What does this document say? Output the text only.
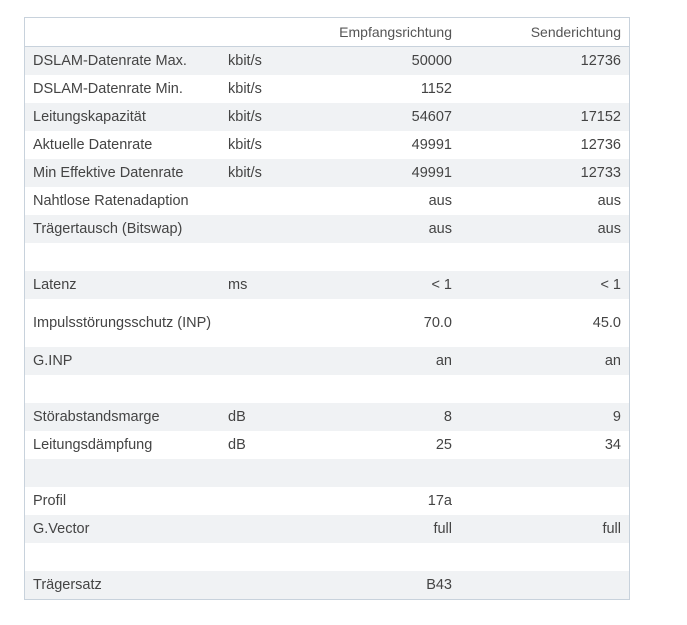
		Empfangsrichtung	Senderichtung
DSLAM-Datenrate Max.	kbit/s	50000	12736
DSLAM-Datenrate Min.	kbit/s	1152	
Leitungskapazität	kbit/s	54607	17152
Aktuelle Datenrate	kbit/s	49991	12736
Min Effektive Datenrate	kbit/s	49991	12733
Nahtlose Ratenadaption		aus	aus
Trägertausch (Bitswap)		aus	aus

Latenz	ms	< 1	< 1
Impulsstörungsschutz (INP)		70.0	45.0
G.INP		an	an

Störabstandsmarge	dB	8	9
Leitungsdämpfung	dB	25	34

Profil		17a	
G.Vector		full	full

Trägersatz		B43	
